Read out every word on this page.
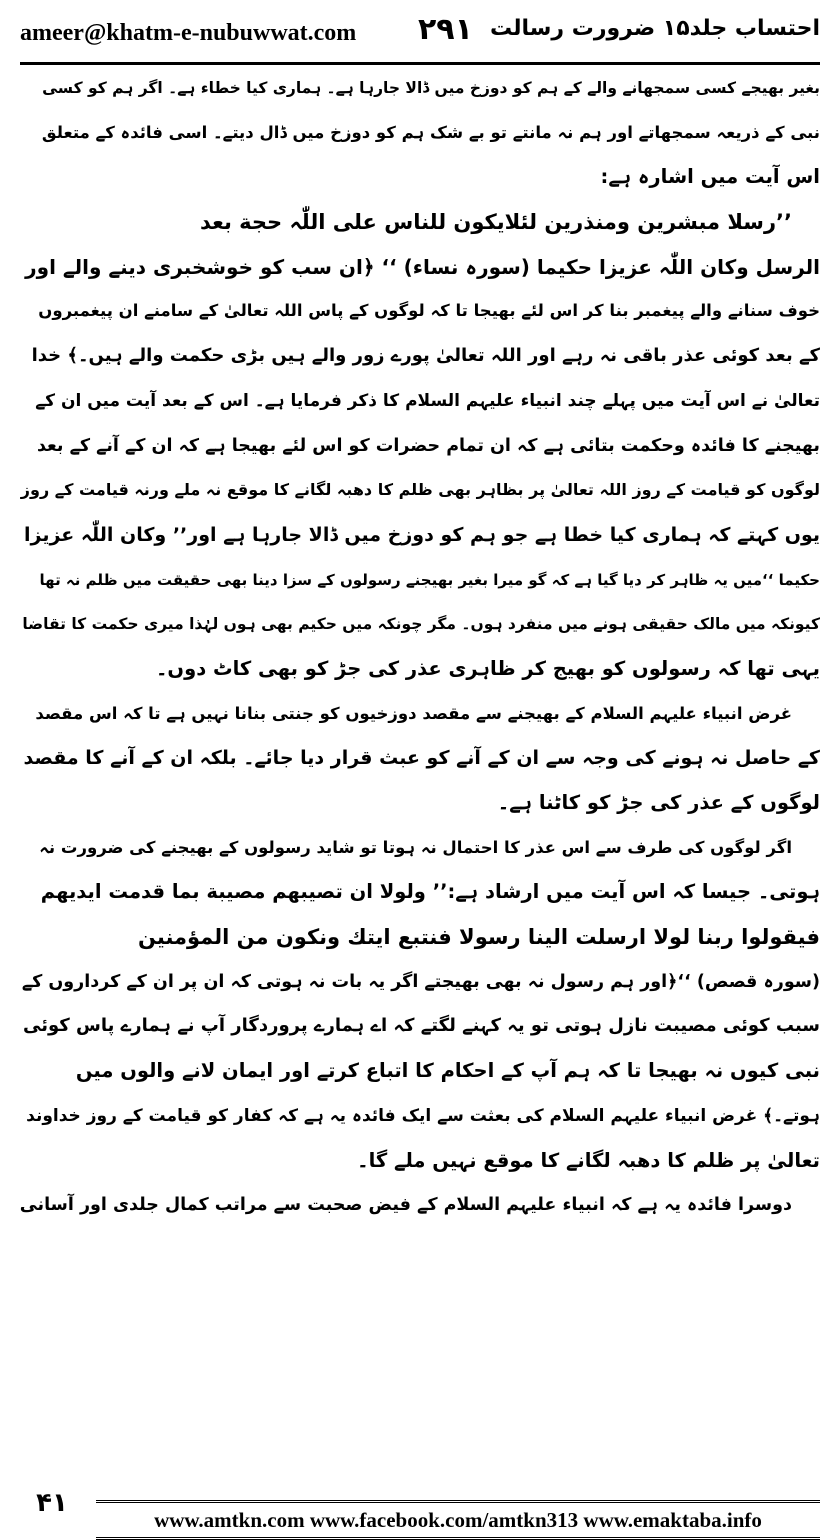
ameer@khatm-e-nubuwwat.com ۲۹۱ احتساب جلد۱۵ ضرورت رسالت
بغیر بھیجے کسی سمجھانے والے کے ہم کو دوزخ میں ڈالا جارہا ہے۔ ہماری کیا خطاء ہے۔ اگر ہم کو کسی
نبی کے ذریعہ سمجھاتے اور ہم نہ مانتے تو بے شک ہم کو دوزخ میں ڈال دیتے۔ اسی فائدہ کے متعلق
اس آیت میں اشارہ ہے:
’’رسلا مبشرین ومنذرین لئلایکون للناس علی اللّٰہ حجة بعد
الرسل وکان اللّٰہ عزیزا حکیما (سورہ نساء) ‘‘ ﴿ان سب کو خوشخبری دینے والے اور
خوف سنانے والے پیغمبر بنا کر اس لئے بھیجا تا کہ لوگوں کے پاس اللہ تعالیٰ کے سامنے ان پیغمبروں
کے بعد کوئی عذر باقی نہ رہے اور اللہ تعالیٰ پورے زور والے ہیں بڑی حکمت والے ہیں۔﴾ خدا
تعالیٰ نے اس آیت میں پہلے چند انبیاء علیہم السلام کا ذکر فرمایا ہے۔ اس کے بعد آیت میں ان کے
بھیجنے کا فائدہ وحکمت بتائی ہے کہ ان تمام حضرات کو اس لئے بھیجا ہے کہ ان کے آنے کے بعد
لوگوں کو قیامت کے روز اللہ تعالیٰ پر بظاہر بھی ظلم کا دھبہ لگانے کا موقع نہ ملے ورنہ قیامت کے روز
یوں کہتے کہ ہماری کیا خطا ہے جو ہم کو دوزخ میں ڈالا جارہا ہے اور’’ وکان اللّٰہ عزیزا
حکیما ‘‘میں یہ ظاہر کر دیا گیا ہے کہ گو میرا بغیر بھیجنے رسولوں کے سزا دینا بھی حقیقت میں ظلم نہ تھا
کیونکہ میں مالک حقیقی ہونے میں منفرد ہوں۔ مگر چونکہ میں حکیم بھی ہوں لہٰذا میری حکمت کا تقاضا
یہی تھا کہ رسولوں کو بھیج کر ظاہری عذر کی جڑ کو بھی کاٹ دوں۔
غرض انبیاء علیہم السلام کے بھیجنے سے مقصد دوزخیوں کو جنتی بنانا نہیں ہے تا کہ اس مقصد
کے حاصل نہ ہونے کی وجہ سے ان کے آنے کو عبث قرار دیا جائے۔ بلکہ ان کے آنے کا مقصد
لوگوں کے عذر کی جڑ کو کاٹنا ہے۔
اگر لوگوں کی طرف سے اس عذر کا احتمال نہ ہوتا تو شاید رسولوں کے بھیجنے کی ضرورت نہ
ہوتی۔ جیسا کہ اس آیت میں ارشاد ہے:’’ ولولا ان تصیبھم مصیبة بما قدمت ایدیھم
فیقولوا ربنا لولا ارسلت الینا رسولا فنتبع ایتك ونکون من المؤمنین
(سورہ قصص) ‘‘﴿اور ہم رسول نہ بھی بھیجتے اگر یہ بات نہ ہوتی کہ ان پر ان کے کرداروں کے
سبب کوئی مصیبت نازل ہوتی تو یہ کہنے لگتے کہ اے ہمارے پروردگار آپ نے ہمارے پاس کوئی
نبی کیوں نہ بھیجا تا کہ ہم آپ کے احکام کا اتباع کرتے اور ایمان لانے والوں میں
ہوتے۔﴾ غرض انبیاء علیہم السلام کی بعثت سے ایک فائدہ یہ ہے کہ کفار کو قیامت کے روز خداوند
تعالیٰ پر ظلم کا دھبہ لگانے کا موقع نہیں ملے گا۔
دوسرا فائدہ یہ ہے کہ انبیاء علیہم السلام کے فیض صحبت سے مراتب کمال جلدی اور آسانی
۴۱
www.amtkn.com www.facebook.com/amtkn313 www.emaktaba.info
